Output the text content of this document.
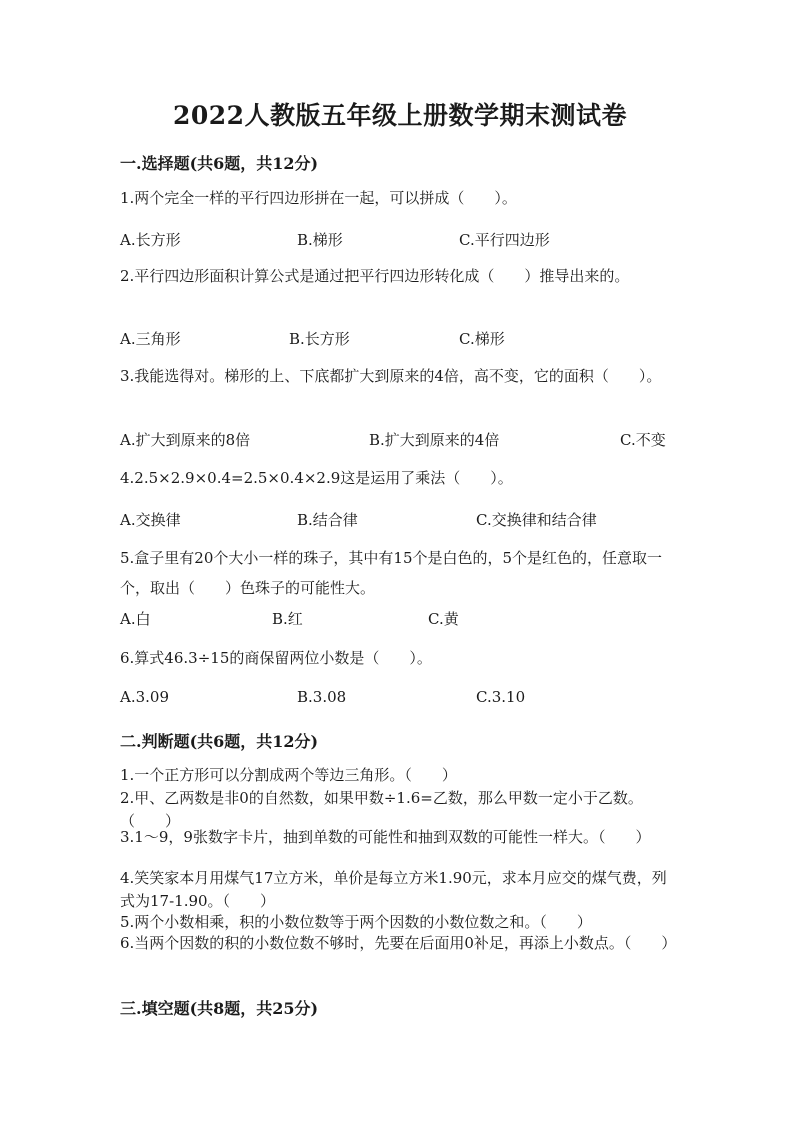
2022人教版五年级上册数学期末测试卷
一.选择题(共6题，共12分)
1.两个完全一样的平行四边形拼在一起，可以拼成（　　）。
A.长方形	B.梯形	C.平行四边形
2.平行四边形面积计算公式是通过把平行四边形转化成（　　）推导出来的。
A.三角形	B.长方形	C.梯形
3.我能选得对。梯形的上、下底都扩大到原来的4倍，高不变，它的面积（　　）。
A.扩大到原来的8倍	B.扩大到原来的4倍	C.不变
4.2.5×2.9×0.4=2.5×0.4×2.9这是运用了乘法（　　）。
A.交换律	B.结合律	C.交换律和结合律
5.盒子里有20个大小一样的珠子，其中有15个是白色的，5个是红色的，任意取一个，取出（　　）色珠子的可能性大。
A.白	B.红	C.黄
6.算式46.3÷15的商保留两位小数是（　　）。
A.3.09	B.3.08	C.3.10
二.判断题(共6题，共12分)
1.一个正方形可以分割成两个等边三角形。（　　）
2.甲、乙两数是非0的自然数，如果甲数÷1.6=乙数，那么甲数一定小于乙数。（　　）
3.1～9，9张数字卡片，抽到单数的可能性和抽到双数的可能性一样大。（　　）
4.笑笑家本月用煤气17立方米，单价是每立方米1.90元，求本月应交的煤气费，列式为17-1.90。（　　）
5.两个小数相乘，积的小数位数等于两个因数的小数位数之和。（　　）
6.当两个因数的积的小数位数不够时，先要在后面用0补足，再添上小数点。（　　）
三.填空题(共8题，共25分)
